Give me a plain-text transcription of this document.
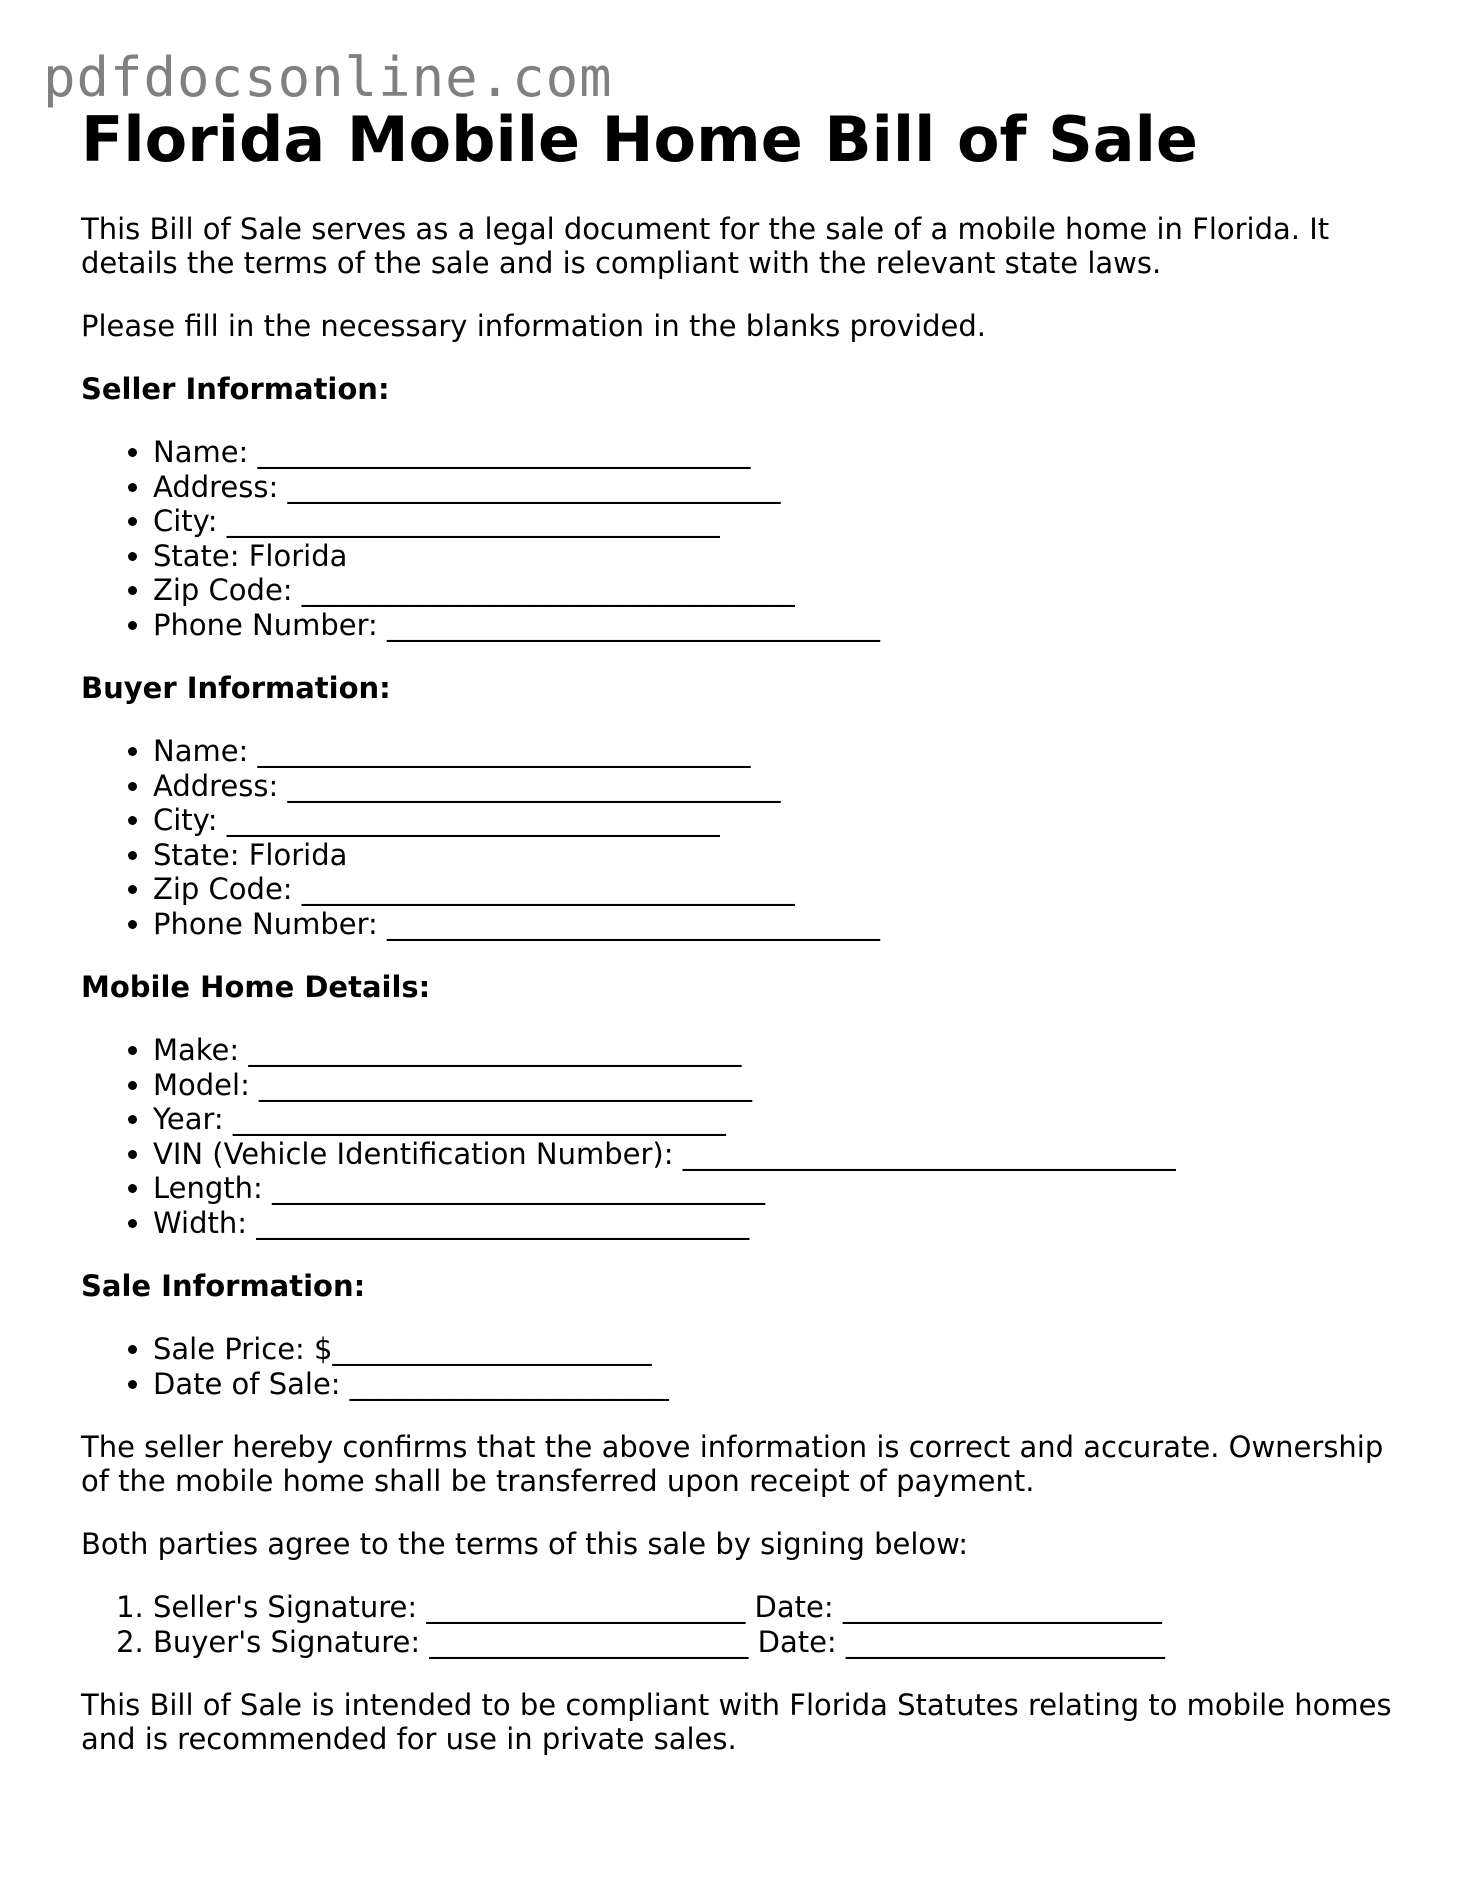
pdfdocsonline.com
Florida Mobile Home Bill of Sale

This Bill of Sale serves as a legal document for the sale of a mobile home in Florida. It details the terms of the sale and is compliant with the relevant state laws.

Please fill in the necessary information in the blanks provided.

Seller Information:
• Name: __________________________________
• Address: __________________________________
• City: __________________________________
• State: Florida
• Zip Code: __________________________________
• Phone Number: __________________________________
Buyer Information:
• Name: __________________________________
• Address: __________________________________
• City: __________________________________
• State: Florida
• Zip Code: __________________________________
• Phone Number: __________________________________
Mobile Home Details:
• Make: __________________________________
• Model: __________________________________
• Year: __________________________________
• VIN (Vehicle Identification Number): __________________________________
• Length: __________________________________
• Width: __________________________________
Sale Information:
• Sale Price: $______________________
• Date of Sale: ______________________

The seller hereby confirms that the above information is correct and accurate. Ownership of the mobile home shall be transferred upon receipt of payment.

Both parties agree to the terms of this sale by signing below:

1. Seller's Signature: ______________________ Date: ______________________
2. Buyer's Signature: ______________________ Date: ______________________

This Bill of Sale is intended to be compliant with Florida Statutes relating to mobile homes and is recommended for use in private sales.
